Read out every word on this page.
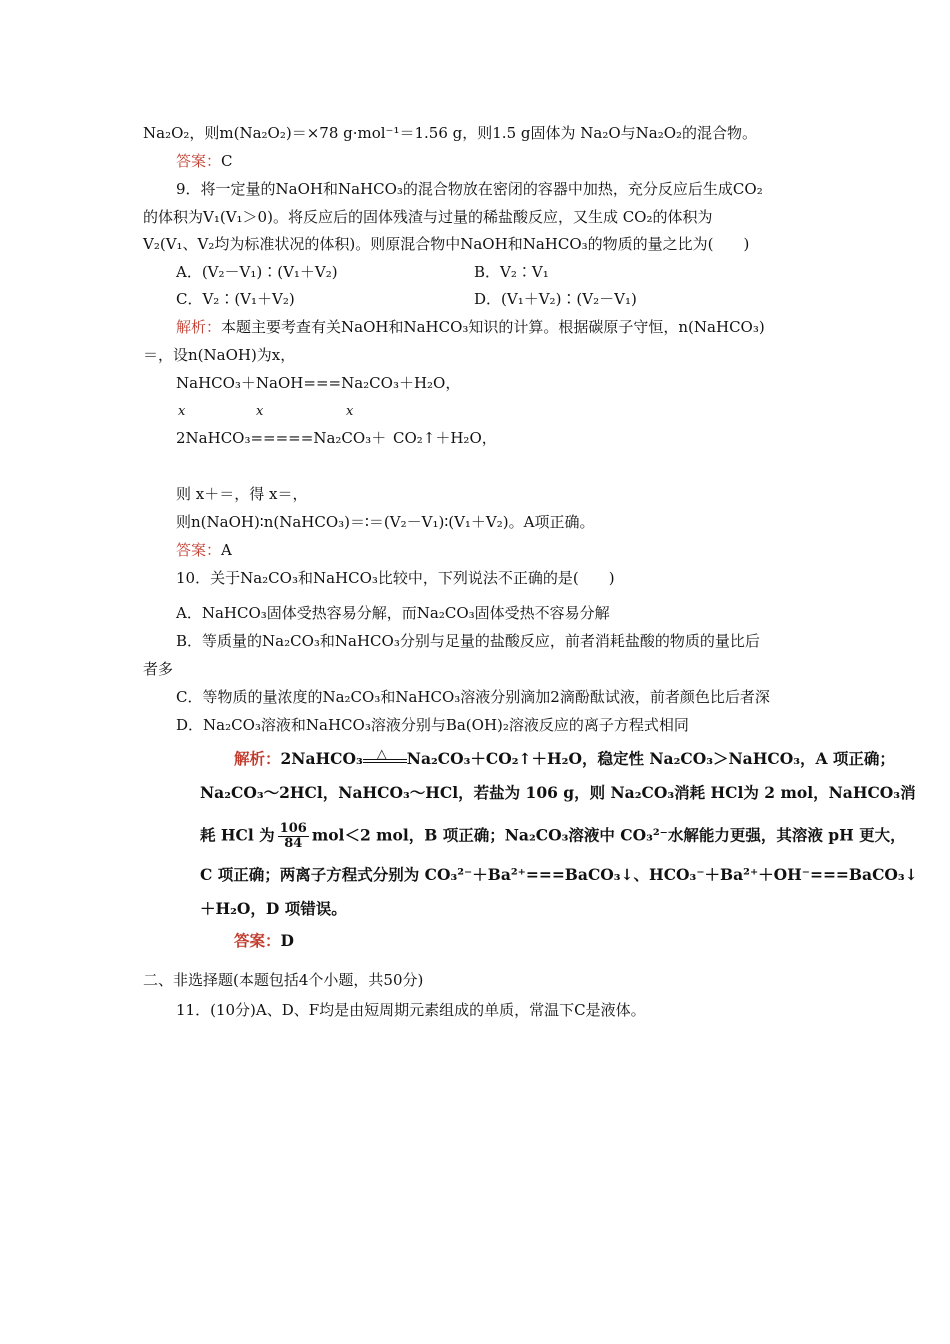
Na₂O₂，则m(Na₂O₂)＝×78 g·mol⁻¹＝1.56 g，则1.5 g固体为 Na₂O与Na₂O₂的混合物。
答案：C
9．将一定量的NaOH和NaHCO₃的混合物放在密闭的容器中加热，充分反应后生成CO₂
的体积为V₁(V₁＞0)。将反应后的固体残渣与过量的稀盐酸反应，又生成 CO₂的体积为
V₂(V₁、V₂均为标准状况的体积)。则原混合物中NaOH和NaHCO₃的物质的量之比为(　　)
A．(V₂－V₁)∶(V₁＋V₂)	B．V₂∶V₁
C．V₂∶(V₁＋V₂)	D．(V₁＋V₂)∶(V₂－V₁)
解析：本题主要考查有关NaOH和NaHCO₃知识的计算。根据碳原子守恒，n(NaHCO₃)
＝，设n(NaOH)为x，
NaHCO₃＋NaOH===Na₂CO₃＋H₂O，
x	x	x
2NaHCO₃=====Na₂CO₃＋ CO₂↑＋H₂O，
则 x＋＝，得 x＝，
则n(NaOH)∶n(NaHCO₃)＝∶＝(V₂－V₁)∶(V₁＋V₂)。A项正确。
答案：A
10．关于Na₂CO₃和NaHCO₃比较中，下列说法不正确的是(　　)
A．NaHCO₃固体受热容易分解，而Na₂CO₃固体受热不容易分解
B．等质量的Na₂CO₃和NaHCO₃分别与足量的盐酸反应，前者消耗盐酸的物质的量比后
者多
C．等物质的量浓度的Na₂CO₃和NaHCO₃溶液分别滴加2滴酚酞试液，前者颜色比后者深
D．Na₂CO₃溶液和NaHCO₃溶液分别与Ba(OH)₂溶液反应的离子方程式相同
解析：2NaHCO₃ △ Na₂CO₃＋CO₂↑＋H₂O，稳定性 Na₂CO₃＞NaHCO₃，A 项正确；
Na₂CO₃～2HCl，NaHCO₃～HCl，若盐为 106 g，则 Na₂CO₃消耗 HCl为 2 mol，NaHCO₃消
耗 HCl 为 $\frac{106}{84} mol<2$ mol，B 项正确；Na₂CO₃溶液中 CO₃²⁻水解能力更强，其溶液 pH 更大，
C 项正确；两离子方程式分别为 CO₃²⁻＋Ba²⁺===BaCO₃↓、HCO₃⁻＋Ba²⁺＋OH⁻===BaCO₃↓
＋H₂O，D 项错误。
答案：D
二、非选择题(本题包括4个小题，共50分)
11．(10分)A、D、F均是由短周期元素组成的单质，常温下C是液体。
